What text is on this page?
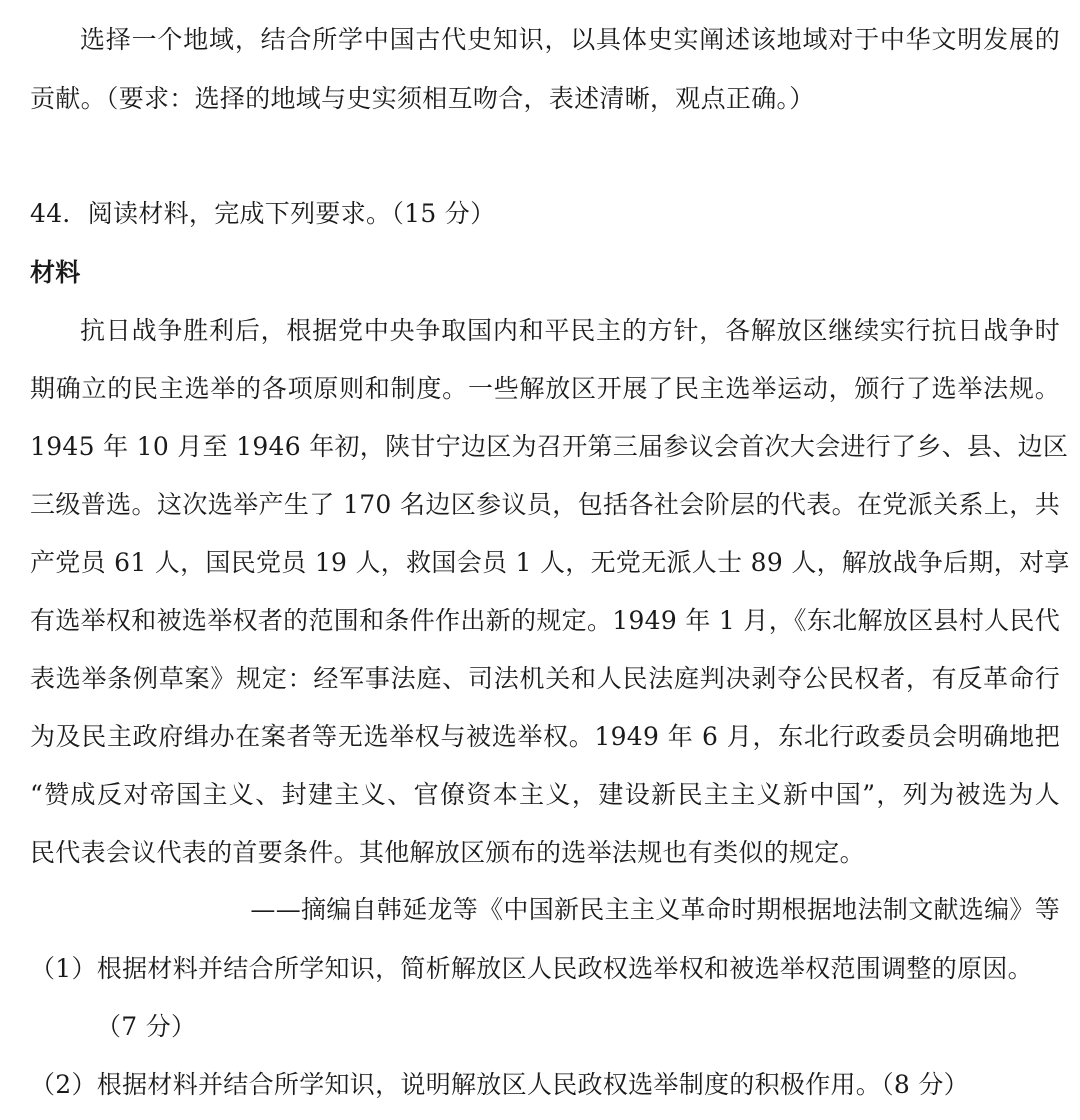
选择一个地域，结合所学中国古代史知识，以具体史实阐述该地域对于中华文明发展的
贡献。（要求：选择的地域与史实须相互吻合，表述清晰，观点正确。）
44．阅读材料，完成下列要求。（15 分）
材料
抗日战争胜利后，根据党中央争取国内和平民主的方针，各解放区继续实行抗日战争时
期确立的民主选举的各项原则和制度。一些解放区开展了民主选举运动，颁行了选举法规。
1945 年 10 月至 1946 年初，陕甘宁边区为召开第三届参议会首次大会进行了乡、县、边区
三级普选。这次选举产生了 170 名边区参议员，包括各社会阶层的代表。在党派关系上，共
产党员 61 人，国民党员 19 人，救国会员 1 人，无党无派人士 89 人，解放战争后期，对享
有选举权和被选举权者的范围和条件作出新的规定。1949 年 1 月，《东北解放区县村人民代
表选举条例草案》规定：经军事法庭、司法机关和人民法庭判决剥夺公民权者，有反革命行
为及民主政府缉办在案者等无选举权与被选举权。1949 年 6 月，东北行政委员会明确地把
“赞成反对帝国主义、封建主义、官僚资本主义，建设新民主主义新中国”，列为被选为人
民代表会议代表的首要条件。其他解放区颁布的选举法规也有类似的规定。
——摘编自韩延龙等《中国新民主主义革命时期根据地法制文献选编》等
（1）根据材料并结合所学知识，简析解放区人民政权选举权和被选举权范围调整的原因。
（7 分）
（2）根据材料并结合所学知识，说明解放区人民政权选举制度的积极作用。（8 分）
